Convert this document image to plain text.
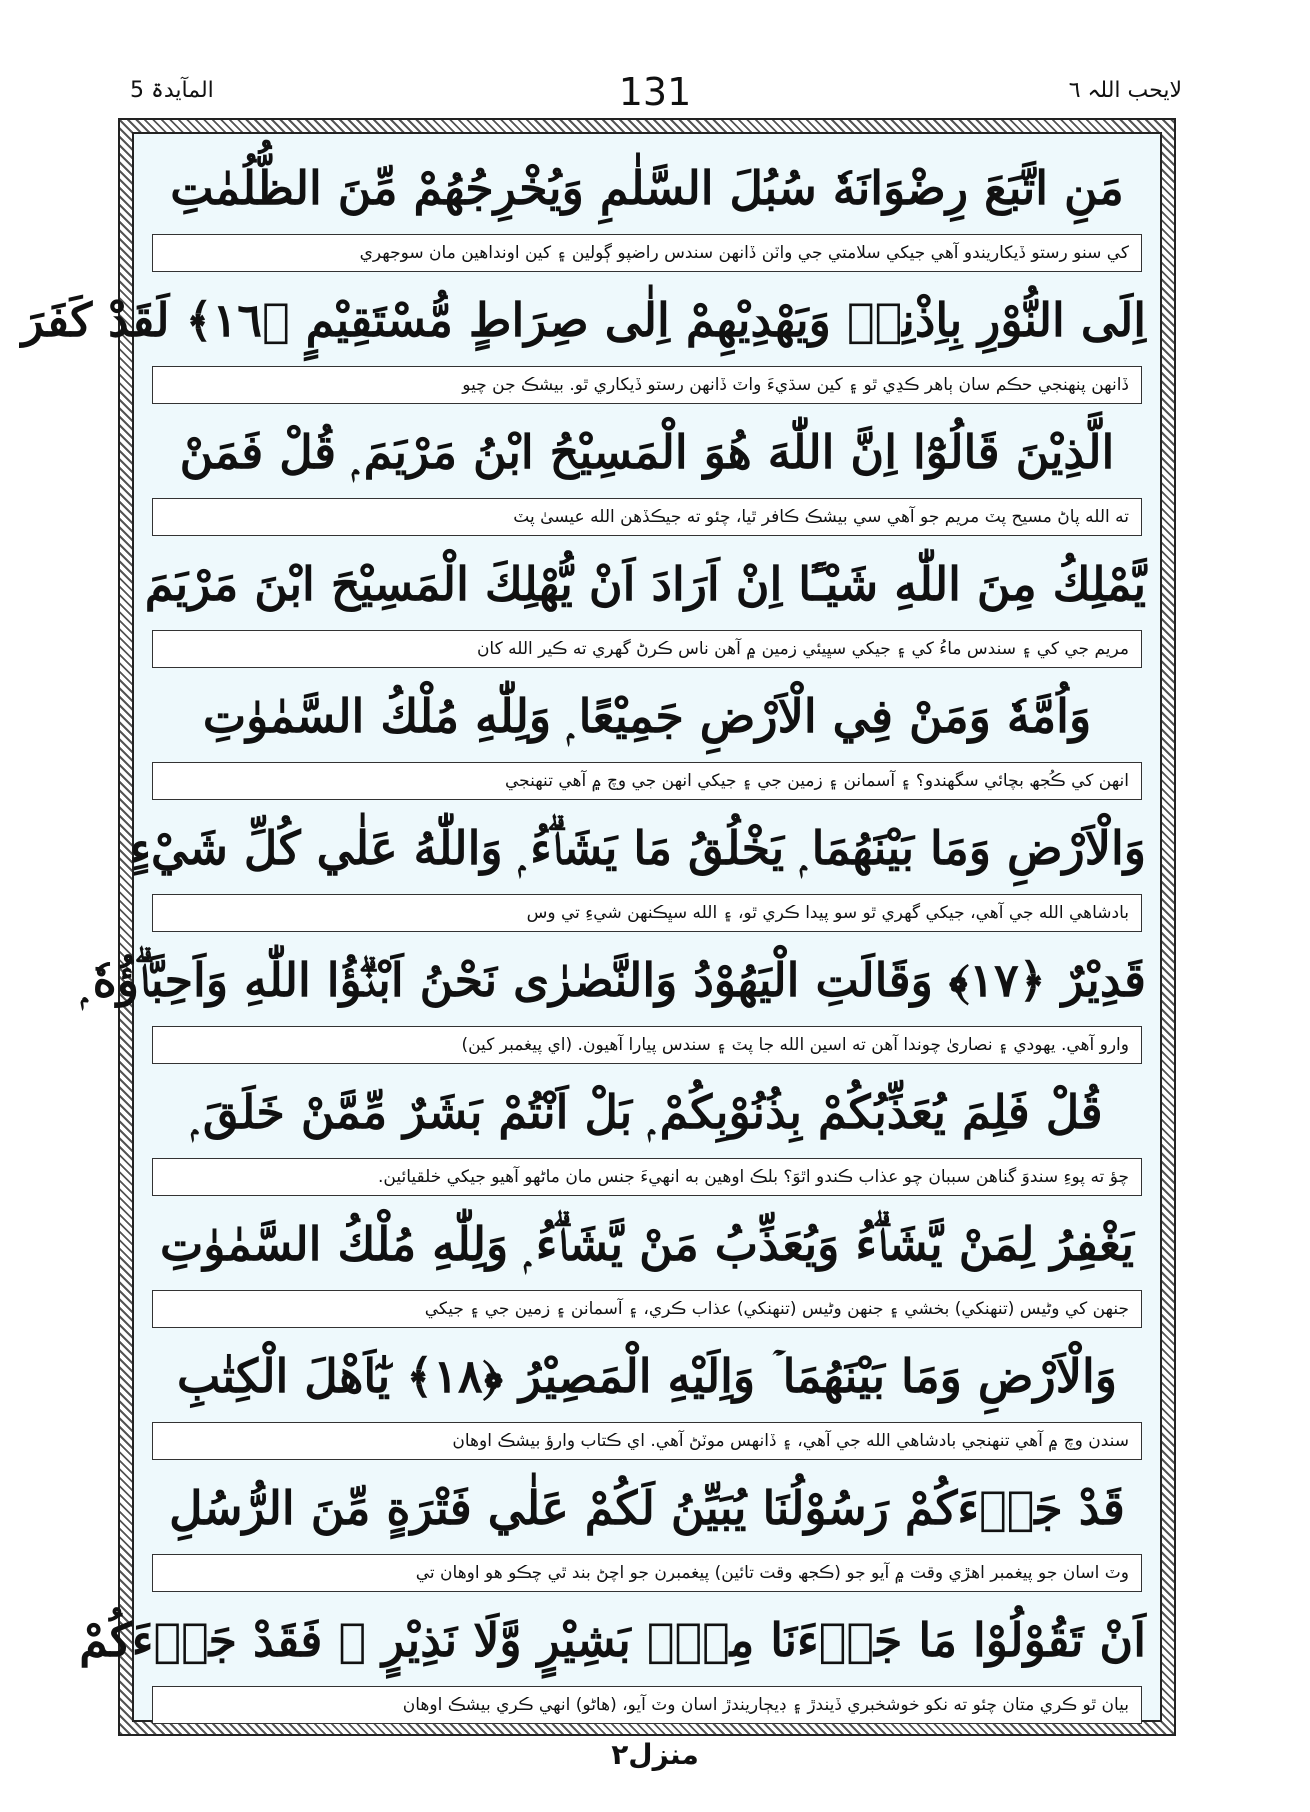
المآیدۃ 5	131	لایحب اللہ ٦
مَنِ اتَّبَعَ رِضْوَانَهٗ سُبُلَ السَّلٰمِ وَيُخْرِجُهُمْ مِّنَ الظُّلُمٰتِ
کي سنو رستو ڏيکاريندو آهي جيکي سلامتي جي واٽن ڏانهن سندس راضپو ڳولين ۽ کين اونداهين مان سوجهري
اِلَى النُّوْرِ بِاِذْنِهٖ وَيَهْدِيْهِمْ اِلٰى صِرَاطٍ مُّسْتَقِيْمٍ ﴿١٦﴾ لَقَدْ كَفَرَ
ڏانهن پنهنجي حڪم سان ٻاهر ڪڍي ٿو ۽ کين سڌيءَ واٽ ڏانهن رستو ڏيکاري ٿو. بيشڪ جن چيو
الَّذِيْنَ قَالُوْٓا اِنَّ اللّٰهَ هُوَ الْمَسِيْحُ ابْنُ مَرْيَمَ ۭ قُلْ فَمَنْ
ته الله پاڻ مسيح پٽ مريم جو آهي سي بيشڪ ڪافر ٿيا، چئو ته جيڪڏهن الله عيسىٰ پٽ
يَّمْلِكُ مِنَ اللّٰهِ شَيْـًٔا اِنْ اَرَادَ اَنْ يُّهْلِكَ الْمَسِيْحَ ابْنَ مَرْيَمَ
مريم جي کي ۽ سندس ماءُ کي ۽ جيکي سڀيئي زمين ۾ آهن ناس ڪرڻ گهري ته ڪير الله کان
وَاُمَّهٗ وَمَنْ فِي الْاَرْضِ جَمِيْعًا ۭ وَلِلّٰهِ مُلْكُ السَّمٰوٰتِ
انهن کي ڪُجھ بچائي سگهندو؟ ۽ آسمانن ۽ زمين جي ۽ جيکي انهن جي وچ ۾ آهي تنهنجي
وَالْاَرْضِ وَمَا بَيْنَهُمَا ۭ يَخْلُقُ مَا يَشَاۗءُ ۭ وَاللّٰهُ عَلٰي كُلِّ شَيْءٍ
بادشاهي الله جي آهي، جيکي گهري ٿو سو پيدا ڪري ٿو، ۽ الله سڀڪنهن شيءِ تي وس
قَدِيْرٌ ﴿١٧﴾ وَقَالَتِ الْيَهُوْدُ وَالنَّصٰرٰى نَحْنُ اَبْنٰۗؤُا اللّٰهِ وَاَحِبَّاۗؤُهٗ ۭ
وارو آهي. يهودي ۽ نصارىٰ چوندا آهن ته اسين الله جا پٽ ۽ سندس پيارا آهيون. (اي پيغمبر کين)
قُلْ فَلِمَ يُعَذِّبُكُمْ بِذُنُوْبِكُمْ ۭ بَلْ اَنْتُمْ بَشَرٌ مِّمَّنْ خَلَقَ ۭ
چؤ ته پوءِ سندوَ گناهن سببان چو عذاب ڪندو اٿوَ؟ بلڪ اوهين به انهيءَ جنس مان ماڻهو آهيو جيکي خلقيائين.
يَغْفِرُ لِمَنْ يَّشَاۗءُ وَيُعَذِّبُ مَنْ يَّشَاۗءُ ۭ وَلِلّٰهِ مُلْكُ السَّمٰوٰتِ
جنهن کي وڻيس (تنهنکي) بخشي ۽ جنهن وڻيس (تنهنکي) عذاب ڪري، ۽ آسمانن ۽ زمين جي ۽ جيکي
وَالْاَرْضِ وَمَا بَيْنَهُمَا ۡ وَاِلَيْهِ الْمَصِيْرُ ﴿١٨﴾ يٰٓاَهْلَ الْكِتٰبِ
سندن وچ ۾ آهي تنهنجي بادشاهي الله جي آهي، ۽ ڏانهس موٽڻ آهي. اي ڪتاب وارؤ بيشڪ اوهان
قَدْ جَاۗءَكُمْ رَسُوْلُنَا يُبَيِّنُ لَكُمْ عَلٰي فَتْرَةٍ مِّنَ الرُّسُلِ
وٽ اسان جو پيغمبر اهڙي وقت ۾ آيو جو (ڪجھ وقت تائين) پيغمبرن جو اچڻ بند ٿي چڪو هو اوهان تي
اَنْ تَقُوْلُوْا مَا جَاۗءَنَا مِنْۢ بَشِيْرٍ وَّلَا نَذِيْرٍ ۡ فَقَدْ جَاۗءَكُمْ
بيان ٿو ڪري متان چئو ته نکو خوشخبري ڏيندڙ ۽ ڊيڄاريندڙ اسان وٽ آيو، (هاڻو) انهي ڪري بيشڪ اوهان
منزل٢
